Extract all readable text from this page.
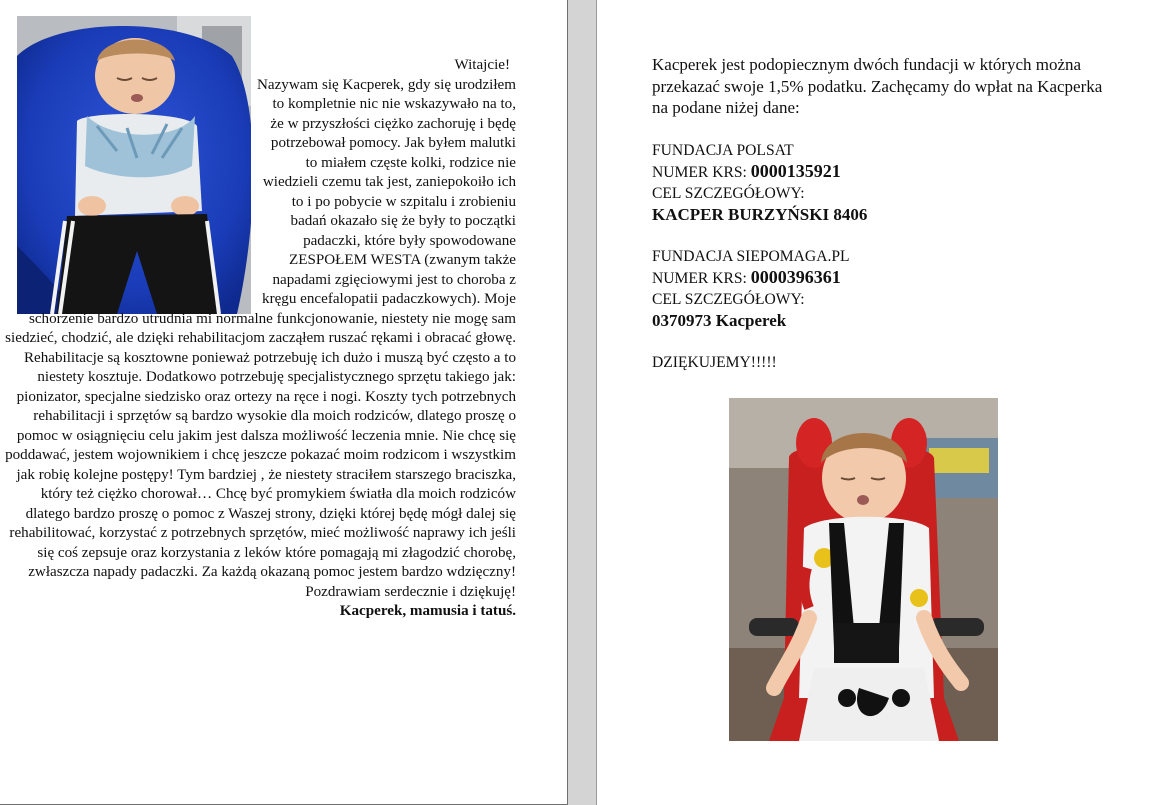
Witajcie!

Nazywam się Kacperek, gdy się urodziłem to kompletnie nic nie wskazywało na to, że w przyszłości ciężko zachoruję i będę potrzebował pomocy. Jak byłem malutki to miałem częste kolki, rodzice nie wiedzieli czemu tak jest, zaniepokoiło ich to i po pobycie w szpitalu i zrobieniu badań okazało się że były to początki padaczki, które były spowodowane ZESPOŁEM WESTA (zwanym także napadami zgięciowymi jest to choroba z kręgu encefalopatii padaczkowych). Moje schorzenie bardzo utrudnia mi normalne funkcjonowanie, niestety nie mogę sam siedzieć, chodzić, ale dzięki rehabilitacjom zacząłem ruszać rękami i obracać głowę. Rehabilitacje są kosztowne ponieważ potrzebuję ich dużo i muszą być często a to niestety kosztuje. Dodatkowo potrzebuję specjalistycznego sprzętu takiego jak: pionizator, specjalne siedzisko oraz ortezy na ręce i nogi. Koszty tych potrzebnych rehabilitacji i sprzętów są bardzo wysokie dla moich rodziców, dlatego proszę o pomoc w osiągnięciu celu jakim jest dalsza możliwość leczenia mnie. Nie chcę się poddawać, jestem wojownikiem i chcę jeszcze pokazać moim rodzicom i wszystkim jak robię kolejne postępy! Tym bardziej , że niestety straciłem starszego braciszka, który też ciężko chorował… Chcę być promykiem światła dla moich rodziców dlatego bardzo proszę o pomoc z Waszej strony, dzięki której będę mógł dalej się rehabilitować, korzystać z potrzebnych sprzętów, mieć możliwość naprawy ich jeśli się coś zepsuje oraz korzystania z leków które pomagają mi złagodzić chorobę, zwłaszcza napady padaczki. Za każdą okazaną pomoc jestem bardzo wdzięczny!

Pozdrawiam serdecznie i dziękuję!

Kacperek, mamusia i tatuś.

Kacperek jest podopiecznym dwóch fundacji w których można przekazać swoje 1,5% podatku. Zachęcamy do wpłat na Kacperka na podane niżej dane:

FUNDACJA POLSAT
NUMER KRS: 0000135921
CEL SZCZEGÓŁOWY:
KACPER BURZYŃSKI 8406
FUNDACJA SIEPOMAGA.PL
NUMER KRS: 0000396361
CEL SZCZEGÓŁOWY:
0370973 Kacperek

DZIĘKUJEMY!!!!!
